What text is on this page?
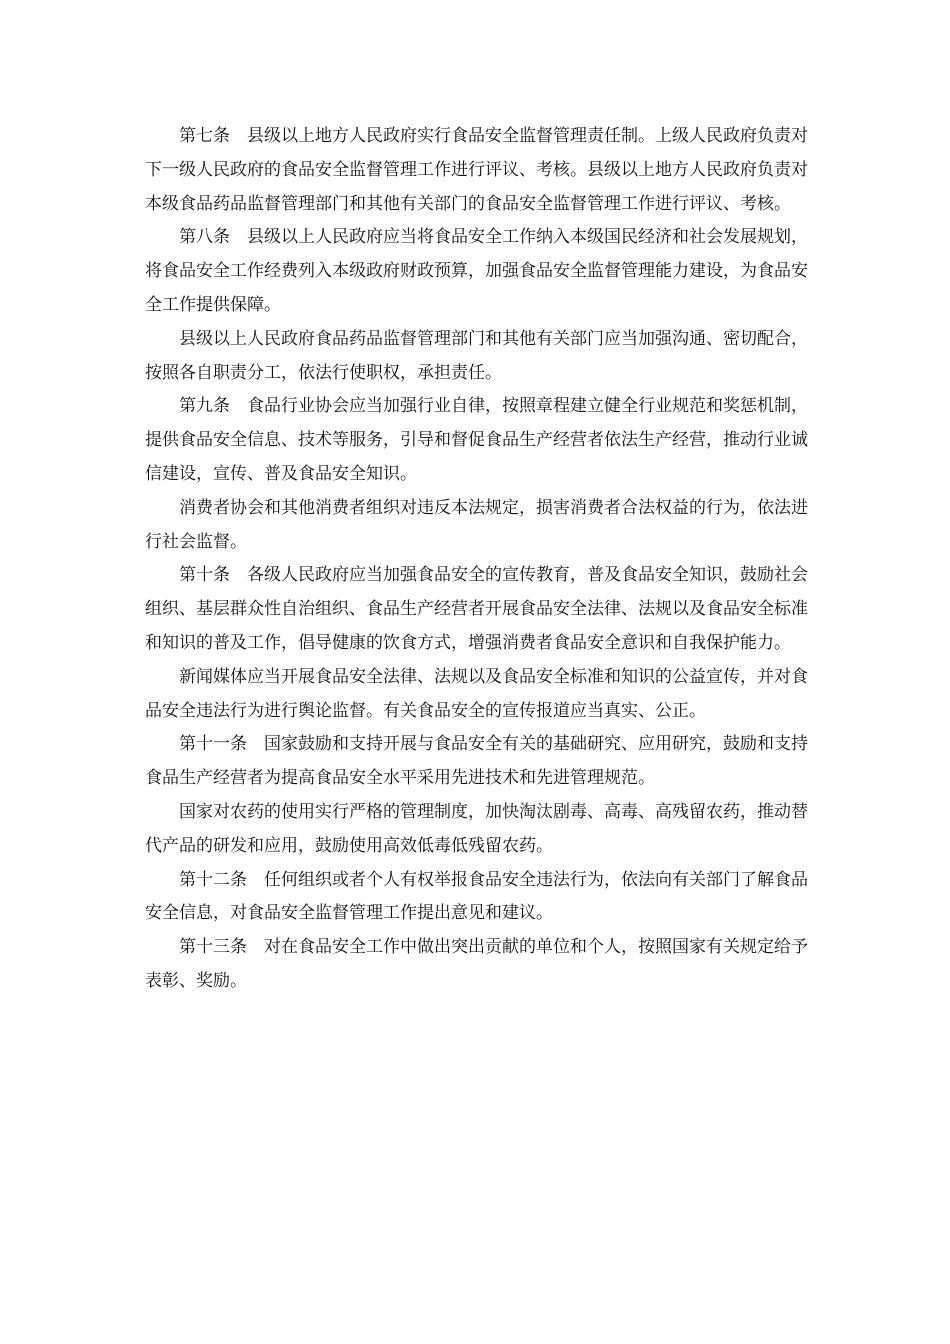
第七条 县级以上地方人民政府实行食品安全监督管理责任制。上级人民政府负责对下一级人民政府的食品安全监督管理工作进行评议、考核。县级以上地方人民政府负责对本级食品药品监督管理部门和其他有关部门的食品安全监督管理工作进行评议、考核。

第八条 县级以上人民政府应当将食品安全工作纳入本级国民经济和社会发展规划，将食品安全工作经费列入本级政府财政预算，加强食品安全监督管理能力建设，为食品安全工作提供保障。

县级以上人民政府食品药品监督管理部门和其他有关部门应当加强沟通、密切配合，按照各自职责分工，依法行使职权，承担责任。

第九条 食品行业协会应当加强行业自律，按照章程建立健全行业规范和奖惩机制，提供食品安全信息、技术等服务，引导和督促食品生产经营者依法生产经营，推动行业诚信建设，宣传、普及食品安全知识。

消费者协会和其他消费者组织对违反本法规定，损害消费者合法权益的行为，依法进行社会监督。

第十条 各级人民政府应当加强食品安全的宣传教育，普及食品安全知识，鼓励社会组织、基层群众性自治组织、食品生产经营者开展食品安全法律、法规以及食品安全标准和知识的普及工作，倡导健康的饮食方式，增强消费者食品安全意识和自我保护能力。

新闻媒体应当开展食品安全法律、法规以及食品安全标准和知识的公益宣传，并对食品安全违法行为进行舆论监督。有关食品安全的宣传报道应当真实、公正。

第十一条 国家鼓励和支持开展与食品安全有关的基础研究、应用研究，鼓励和支持食品生产经营者为提高食品安全水平采用先进技术和先进管理规范。

国家对农药的使用实行严格的管理制度，加快淘汰剧毒、高毒、高残留农药，推动替代产品的研发和应用，鼓励使用高效低毒低残留农药。

第十二条 任何组织或者个人有权举报食品安全违法行为，依法向有关部门了解食品安全信息，对食品安全监督管理工作提出意见和建议。

第十三条 对在食品安全工作中做出突出贡献的单位和个人，按照国家有关规定给予表彰、奖励。
